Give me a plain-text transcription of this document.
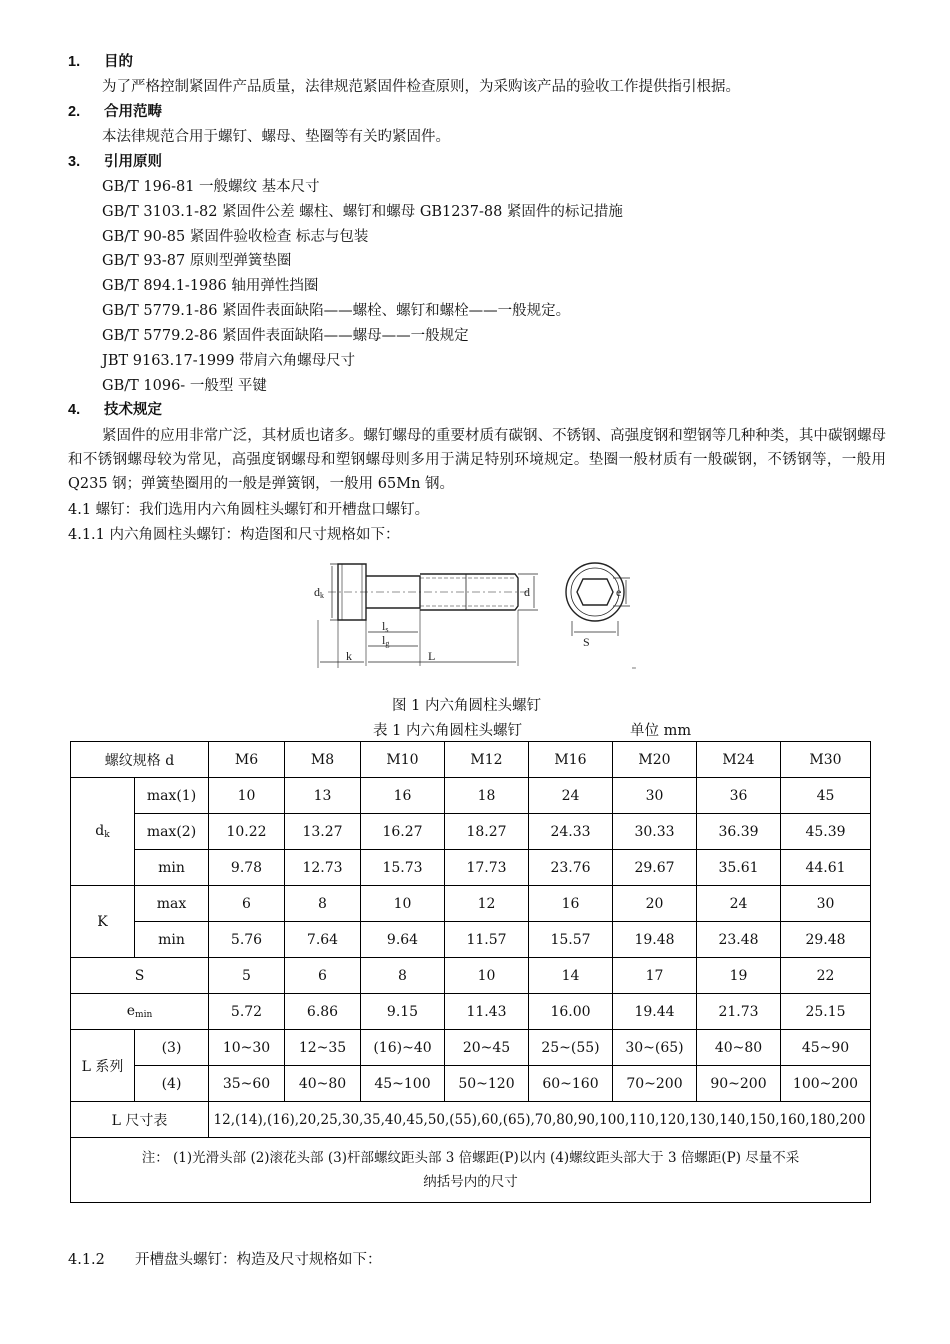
1. 目的
为了严格控制紧固件产品质量，法律规范紧固件检查原则，为采购该产品的验收工作提供指引根据。
2. 合用范畴
本法律规范合用于螺钉、螺母、垫圈等有关旳紧固件。
3. 引用原则
GB/T 196-81 一般螺纹 基本尺寸
GB/T 3103.1-82 紧固件公差 螺柱、螺钉和螺母 GB1237-88 紧固件的标记措施
GB/T 90-85 紧固件验收检查 标志与包装
GB/T 93-87 原则型弹簧垫圈
GB/T 894.1-1986 轴用弹性挡圈
GB/T 5779.1-86 紧固件表面缺陷——螺栓、螺钉和螺栓——一般规定。
GB/T 5779.2-86 紧固件表面缺陷——螺母——一般规定
JBT 9163.17-1999 带肩六角螺母尺寸
GB/T 1096- 一般型 平键
4. 技术规定

紧固件的应用非常广泛，其材质也诸多。螺钉螺母的重要材质有碳钢、不锈钢、高强度钢和塑钢等几种种类，其中碳钢螺母和不锈钢螺母较为常见，高强度钢螺母和塑钢螺母则多用于满足特别环境规定。垫圈一般材质有一般碳钢，不锈钢等，一般用 Q235 钢；弹簧垫圈用的一般是弹簧钢，一般用 65Mn 钢。

4.1 螺钉：我们选用内六角圆柱头螺钉和开槽盘口螺钉。
4.1.1 内六角圆柱头螺钉：构造图和尺寸规格如下：
dk	d
ls
lg
k	L
e
S
图 1 内六角圆柱头螺钉
表 1 内六角圆柱头螺钉	单位 mm
螺纹规格 d		M6	M8	M10	M12	M16	M20	M24	M30
$d_k$	max(1)	10	13	16	18	24	30	36	45
	max(2)	10.22	13.27	16.27	18.27	24.33	30.33	36.39	45.39
	min	9.78	12.73	15.73	17.73	23.76	29.67	35.61	44.61
K	max	6	8	10	12	16	20	24	30
	min	5.76	7.64	9.64	11.57	15.57	19.48	23.48	29.48
S		5	6	8	10	14	17	19	22
$e_{min}$		5.72	6.86	9.15	11.43	16.00	19.44	21.73	25.15
L 系列	(3)	10~30	12~35	(16)~40	20~45	25~(55)	30~(65)	40~80	45~90
	(4)	35~60	40~80	45~100	50~120	60~160	70~200	90~200	100~200
L 尺寸表		12,(14),(16),20,25,30,35,40,45,50,(55),60,(65),70,80,90,100,110,120,130,140,150,160,180,200							

注： (1)光滑头部 (2)滚花头部 (3)杆部螺纹距头部 3 倍螺距(P)以内 (4)螺纹距头部大于 3 倍螺距(P) 尽量不采
纳括号内的尺寸									
4.1.2 开槽盘头螺钉：构造及尺寸规格如下：
